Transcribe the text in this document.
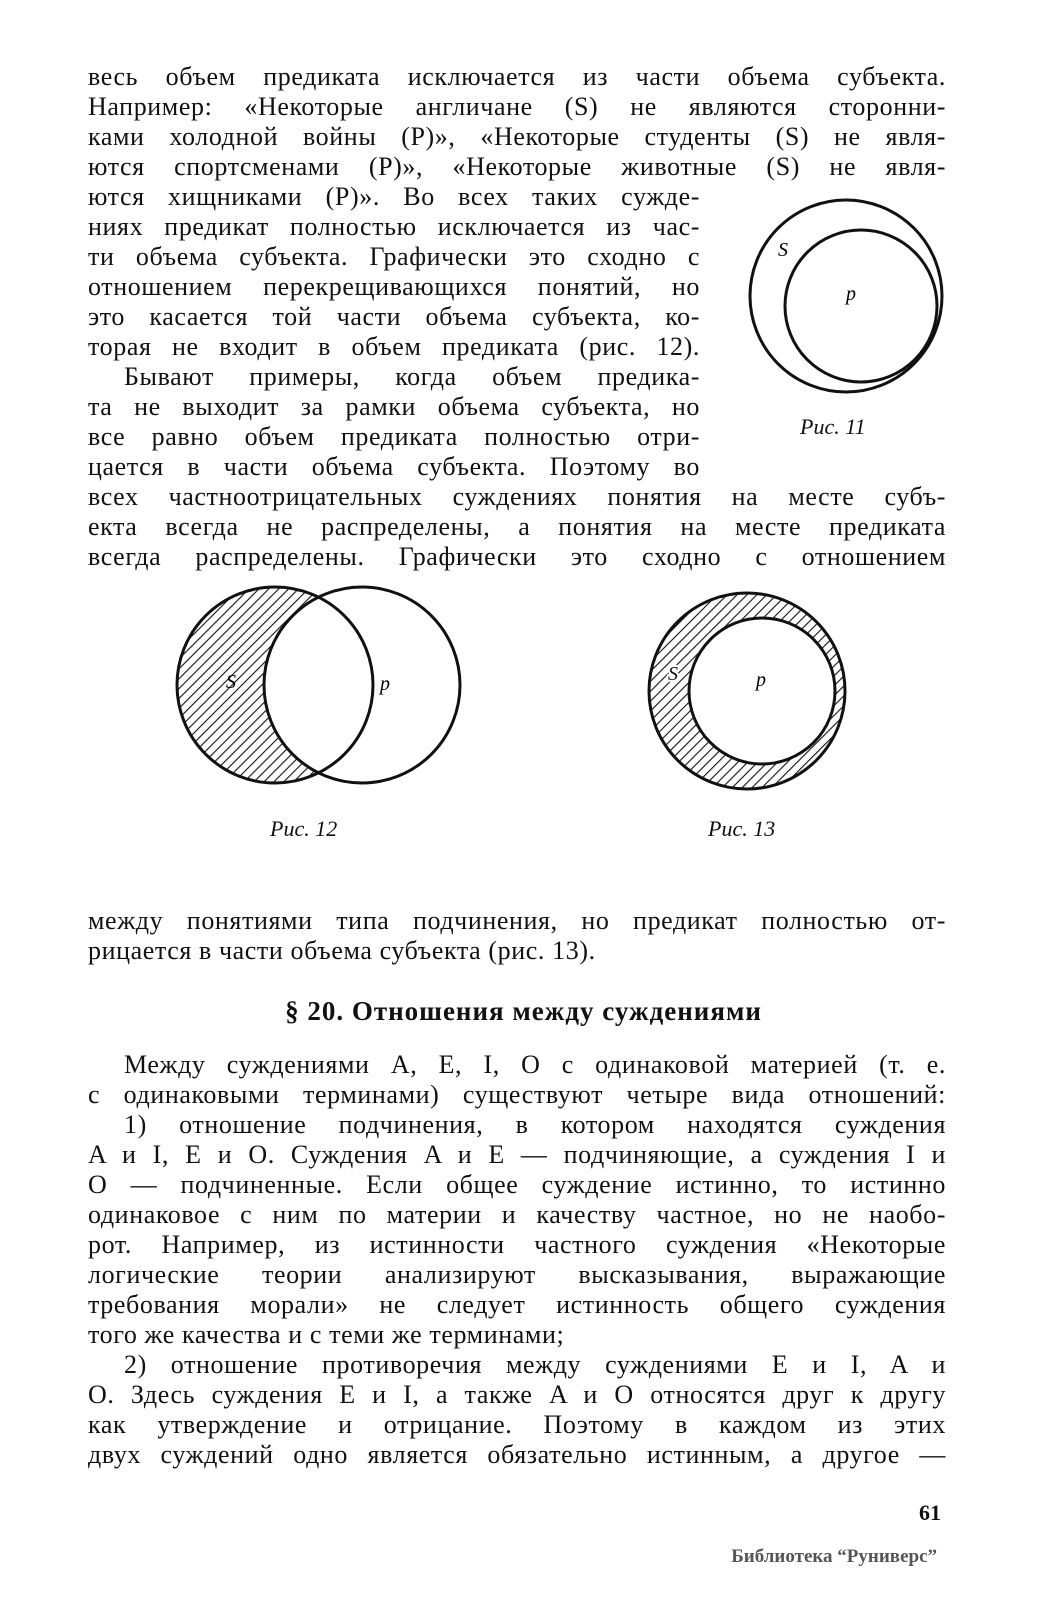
весь объем предиката исключается из части объема субъекта.
Например: «Некоторые англичане (S) не являются сторонни-
ками холодной войны (P)», «Некоторые студенты (S) не явля-
ются спортсменами (P)», «Некоторые животные (S) не явля-
ются хищниками (P)». Во всех таких сужде-
ниях предикат полностью исключается из час-
ти объема субъекта. Графически это сходно с
отношением перекрещивающихся понятий, но
это касается той части объема субъекта, ко-
торая не входит в объем предиката (рис. 12).
Бывают примеры, когда объем предика-
та не выходит за рамки объема субъекта, но
все равно объем предиката полностью отри-
цается в части объема субъекта. Поэтому во
S
p
Рис. 11
всех частноотрицательных суждениях понятия на месте субъ-
екта всегда не распределены, а понятия на месте предиката
всегда распределены. Графически это сходно с отношением
S	p
Рис. 12
S	p
Рис. 13
между понятиями типа подчинения, но предикат полностью от-
рицается в части объема субъекта (рис. 13).
§ 20. Отношения между суждениями
Между суждениями A, E, I, O с одинаковой материей (т. е.
с одинаковыми терминами) существуют четыре вида отношений:
1) отношение подчинения, в котором находятся суждения
A и I, E и O. Суждения A и E — подчиняющие, а суждения I и
O — подчиненные. Если общее суждение истинно, то истинно
одинаковое с ним по материи и качеству частное, но не наобо-
рот. Например, из истинности частного суждения «Некоторые
логические теории анализируют высказывания, выражающие
требования морали» не следует истинность общего суждения
того же качества и с теми же терминами;
2) отношение противоречия между суждениями E и I, A и
O. Здесь суждения E и I, а также A и O относятся друг к другу
как утверждение и отрицание. Поэтому в каждом из этих
двух суждений одно является обязательно истинным, а другое —
61
Библиотека “Руниверс”
